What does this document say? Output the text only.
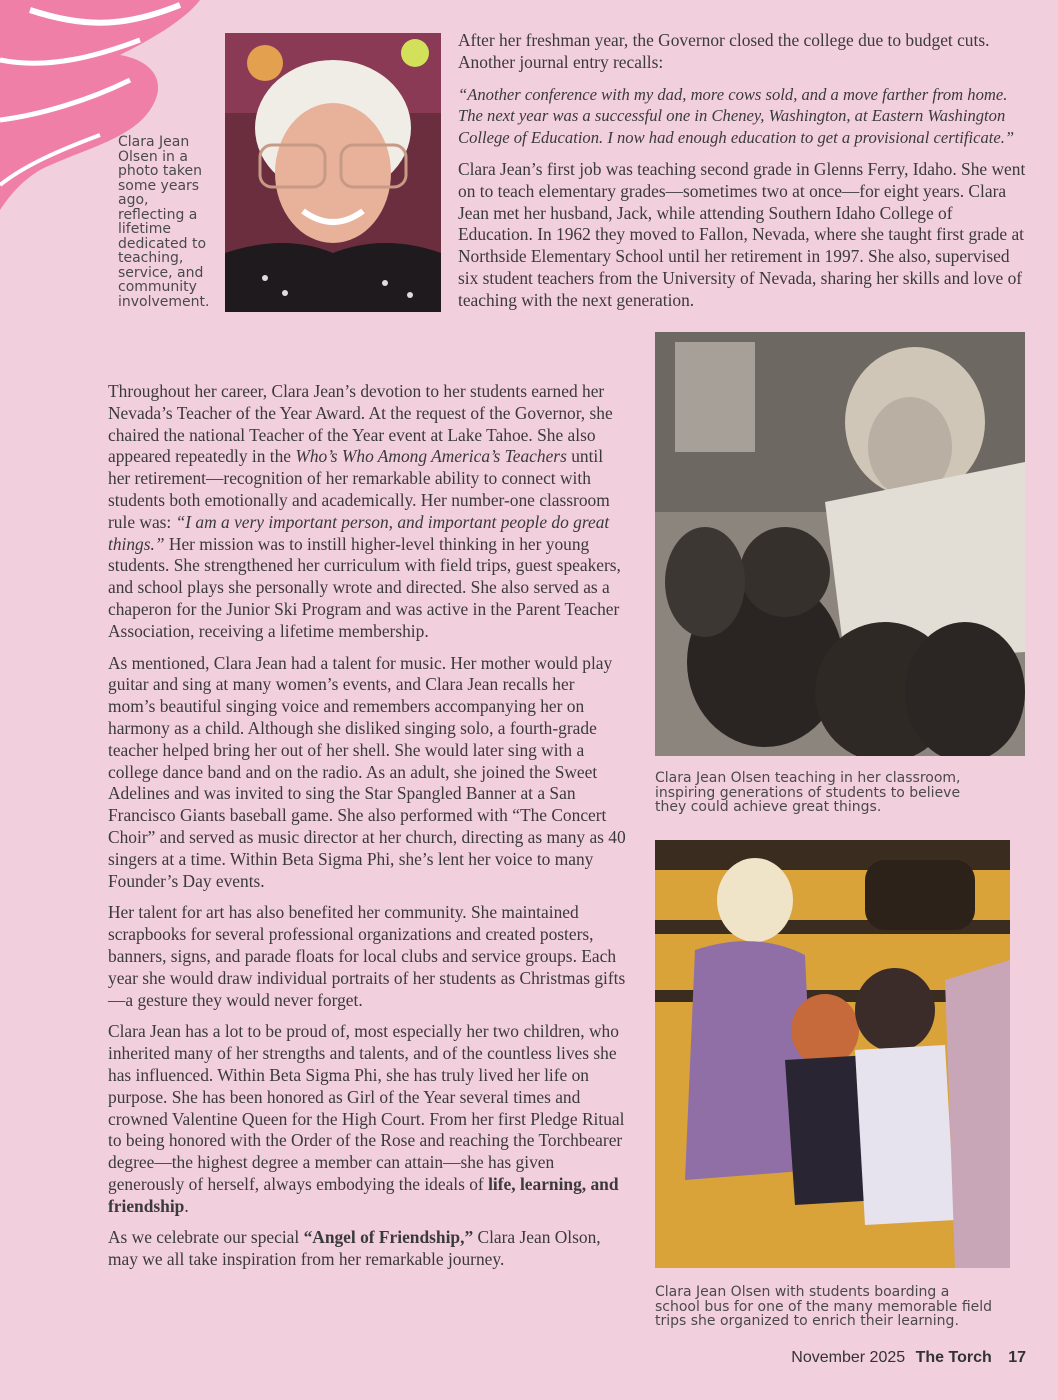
Clara Jean Olsen in a photo taken some years ago, reflecting a lifetime dedicated to teaching, service, and community involvement.
Clara Jean Olsen teaching in her classroom, inspiring generations of students to believe they could achieve great things.
Clara Jean Olsen with students boarding a school bus for one of the many memorable field trips she organized to enrich their learning.

After her freshman year, the Governor closed the college due to budget cuts. Another journal entry recalls:

“Another conference with my dad, more cows sold, and a move farther from home. The next year was a successful one in Cheney, Washington, at Eastern Washington College of Education. I now had enough education to get a provisional certificate.”

Clara Jean’s first job was teaching second grade in Glenns Ferry, Idaho. She went on to teach elementary grades—sometimes two at once—for eight years. Clara Jean met her husband, Jack, while attending Southern Idaho College of Education. In 1962 they moved to Fallon, Nevada, where she taught first grade at Northside Elementary School until her retirement in 1997. She also, supervised six student teachers from the University of Nevada, sharing her skills and love of teaching with the next generation.

Throughout her career, Clara Jean’s devotion to her students earned her Nevada’s Teacher of the Year Award. At the request of the Governor, she chaired the national Teacher of the Year event at Lake Tahoe. She also appeared repeatedly in the Who’s Who Among America’s Teachers until her retirement—recognition of her remarkable ability to connect with students both emotionally and academically. Her number-one classroom rule was: “I am a very important person, and important people do great things.” Her mission was to instill higher-level thinking in her young students. She strengthened her curriculum with field trips, guest speakers, and school plays she personally wrote and directed. She also served as a chaperon for the Junior Ski Program and was active in the Parent Teacher Association, receiving a lifetime membership.

As mentioned, Clara Jean had a talent for music. Her mother would play guitar and sing at many women’s events, and Clara Jean recalls her mom’s beautiful singing voice and remembers accompanying her on harmony as a child. Although she disliked singing solo, a fourth-grade teacher helped bring her out of her shell. She would later sing with a college dance band and on the radio. As an adult, she joined the Sweet Adelines and was invited to sing the Star Spangled Banner at a San Francisco Giants baseball game. She also performed with “The Concert Choir” and served as music director at her church, directing as many as 40 singers at a time. Within Beta Sigma Phi, she’s lent her voice to many Founder’s Day events.

Her talent for art has also benefited her community. She maintained scrapbooks for several professional organizations and created posters, banners, signs, and parade floats for local clubs and service groups. Each year she would draw individual portraits of her students as Christmas gifts—a gesture they would never forget.

Clara Jean has a lot to be proud of, most especially her two children, who inherited many of her strengths and talents, and of the countless lives she has influenced. Within Beta Sigma Phi, she has truly lived her life on purpose. She has been honored as Girl of the Year several times and crowned Valentine Queen for the High Court. From her first Pledge Ritual to being honored with the Order of the Rose and reaching the Torchbearer degree—the highest degree a member can attain—she has given generously of herself, always embodying the ideals of life, learning, and friendship.

As we celebrate our special “Angel of Friendship,” Clara Jean Olson, may we all take inspiration from her remarkable journey.

November 2025 The Torch 17
